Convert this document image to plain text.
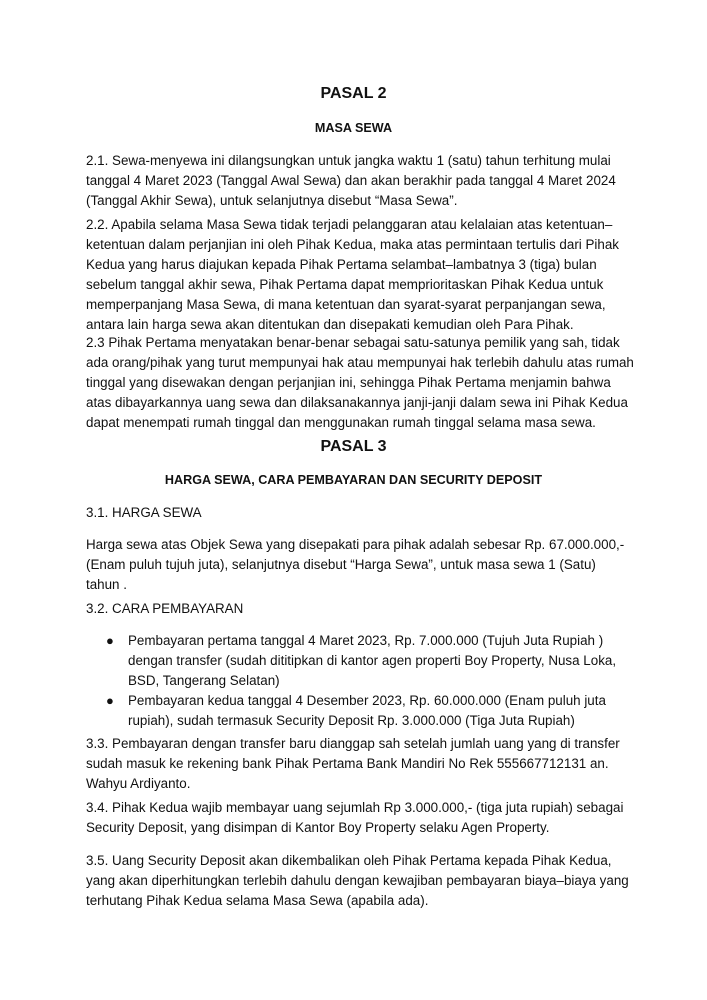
PASAL 2
MASA SEWA

2.1. Sewa-menyewa ini dilangsungkan untuk jangka waktu 1 (satu) tahun terhitung mulai
tanggal 4 Maret 2023 (Tanggal Awal Sewa) dan akan berakhir pada tanggal 4 Maret 2024
(Tanggal Akhir Sewa), untuk selanjutnya disebut “Masa Sewa”.

2.2. Apabila selama Masa Sewa tidak terjadi pelanggaran atau kelalaian atas ketentuan–
ketentuan dalam perjanjian ini oleh Pihak Kedua, maka atas permintaan tertulis dari Pihak
Kedua yang harus diajukan kepada Pihak Pertama selambat–lambatnya 3 (tiga) bulan
sebelum tanggal akhir sewa, Pihak Pertama dapat memprioritaskan Pihak Kedua untuk
memperpanjang Masa Sewa, di mana ketentuan dan syarat-syarat perpanjangan sewa,
antara lain harga sewa akan ditentukan dan disepakati kemudian oleh Para Pihak.

2.3 Pihak Pertama menyatakan benar-benar sebagai satu-satunya pemilik yang sah, tidak
ada orang/pihak yang turut mempunyai hak atau mempunyai hak terlebih dahulu atas rumah
tinggal yang disewakan dengan perjanjian ini, sehingga Pihak Pertama menjamin bahwa
atas dibayarkannya uang sewa dan dilaksanakannya janji-janji dalam sewa ini Pihak Kedua
dapat menempati rumah tinggal dan menggunakan rumah tinggal selama masa sewa.

PASAL 3
HARGA SEWA, CARA PEMBAYARAN DAN SECURITY DEPOSIT

3.1. HARGA SEWA

Harga sewa atas Objek Sewa yang disepakati para pihak adalah sebesar Rp. 67.000.000,-
(Enam puluh tujuh juta), selanjutnya disebut “Harga Sewa”, untuk masa sewa 1 (Satu)
tahun .

3.2. CARA PEMBAYARAN

● Pembayaran pertama tanggal 4 Maret 2023, Rp. 7.000.000 (Tujuh Juta Rupiah )
dengan transfer (sudah dititipkan di kantor agen properti Boy Property, Nusa Loka,
BSD, Tangerang Selatan)
● Pembayaran kedua tanggal 4 Desember 2023, Rp. 60.000.000 (Enam puluh juta
rupiah), sudah termasuk Security Deposit Rp. 3.000.000 (Tiga Juta Rupiah)

3.3. Pembayaran dengan transfer baru dianggap sah setelah jumlah uang yang di transfer
sudah masuk ke rekening bank Pihak Pertama Bank Mandiri No Rek 555667712131 an.
Wahyu Ardiyanto.

3.4. Pihak Kedua wajib membayar uang sejumlah Rp 3.000.000,- (tiga juta rupiah) sebagai
Security Deposit, yang disimpan di Kantor Boy Property selaku Agen Property.

3.5. Uang Security Deposit akan dikembalikan oleh Pihak Pertama kepada Pihak Kedua,
yang akan diperhitungkan terlebih dahulu dengan kewajiban pembayaran biaya–biaya yang
terhutang Pihak Kedua selama Masa Sewa (apabila ada).
